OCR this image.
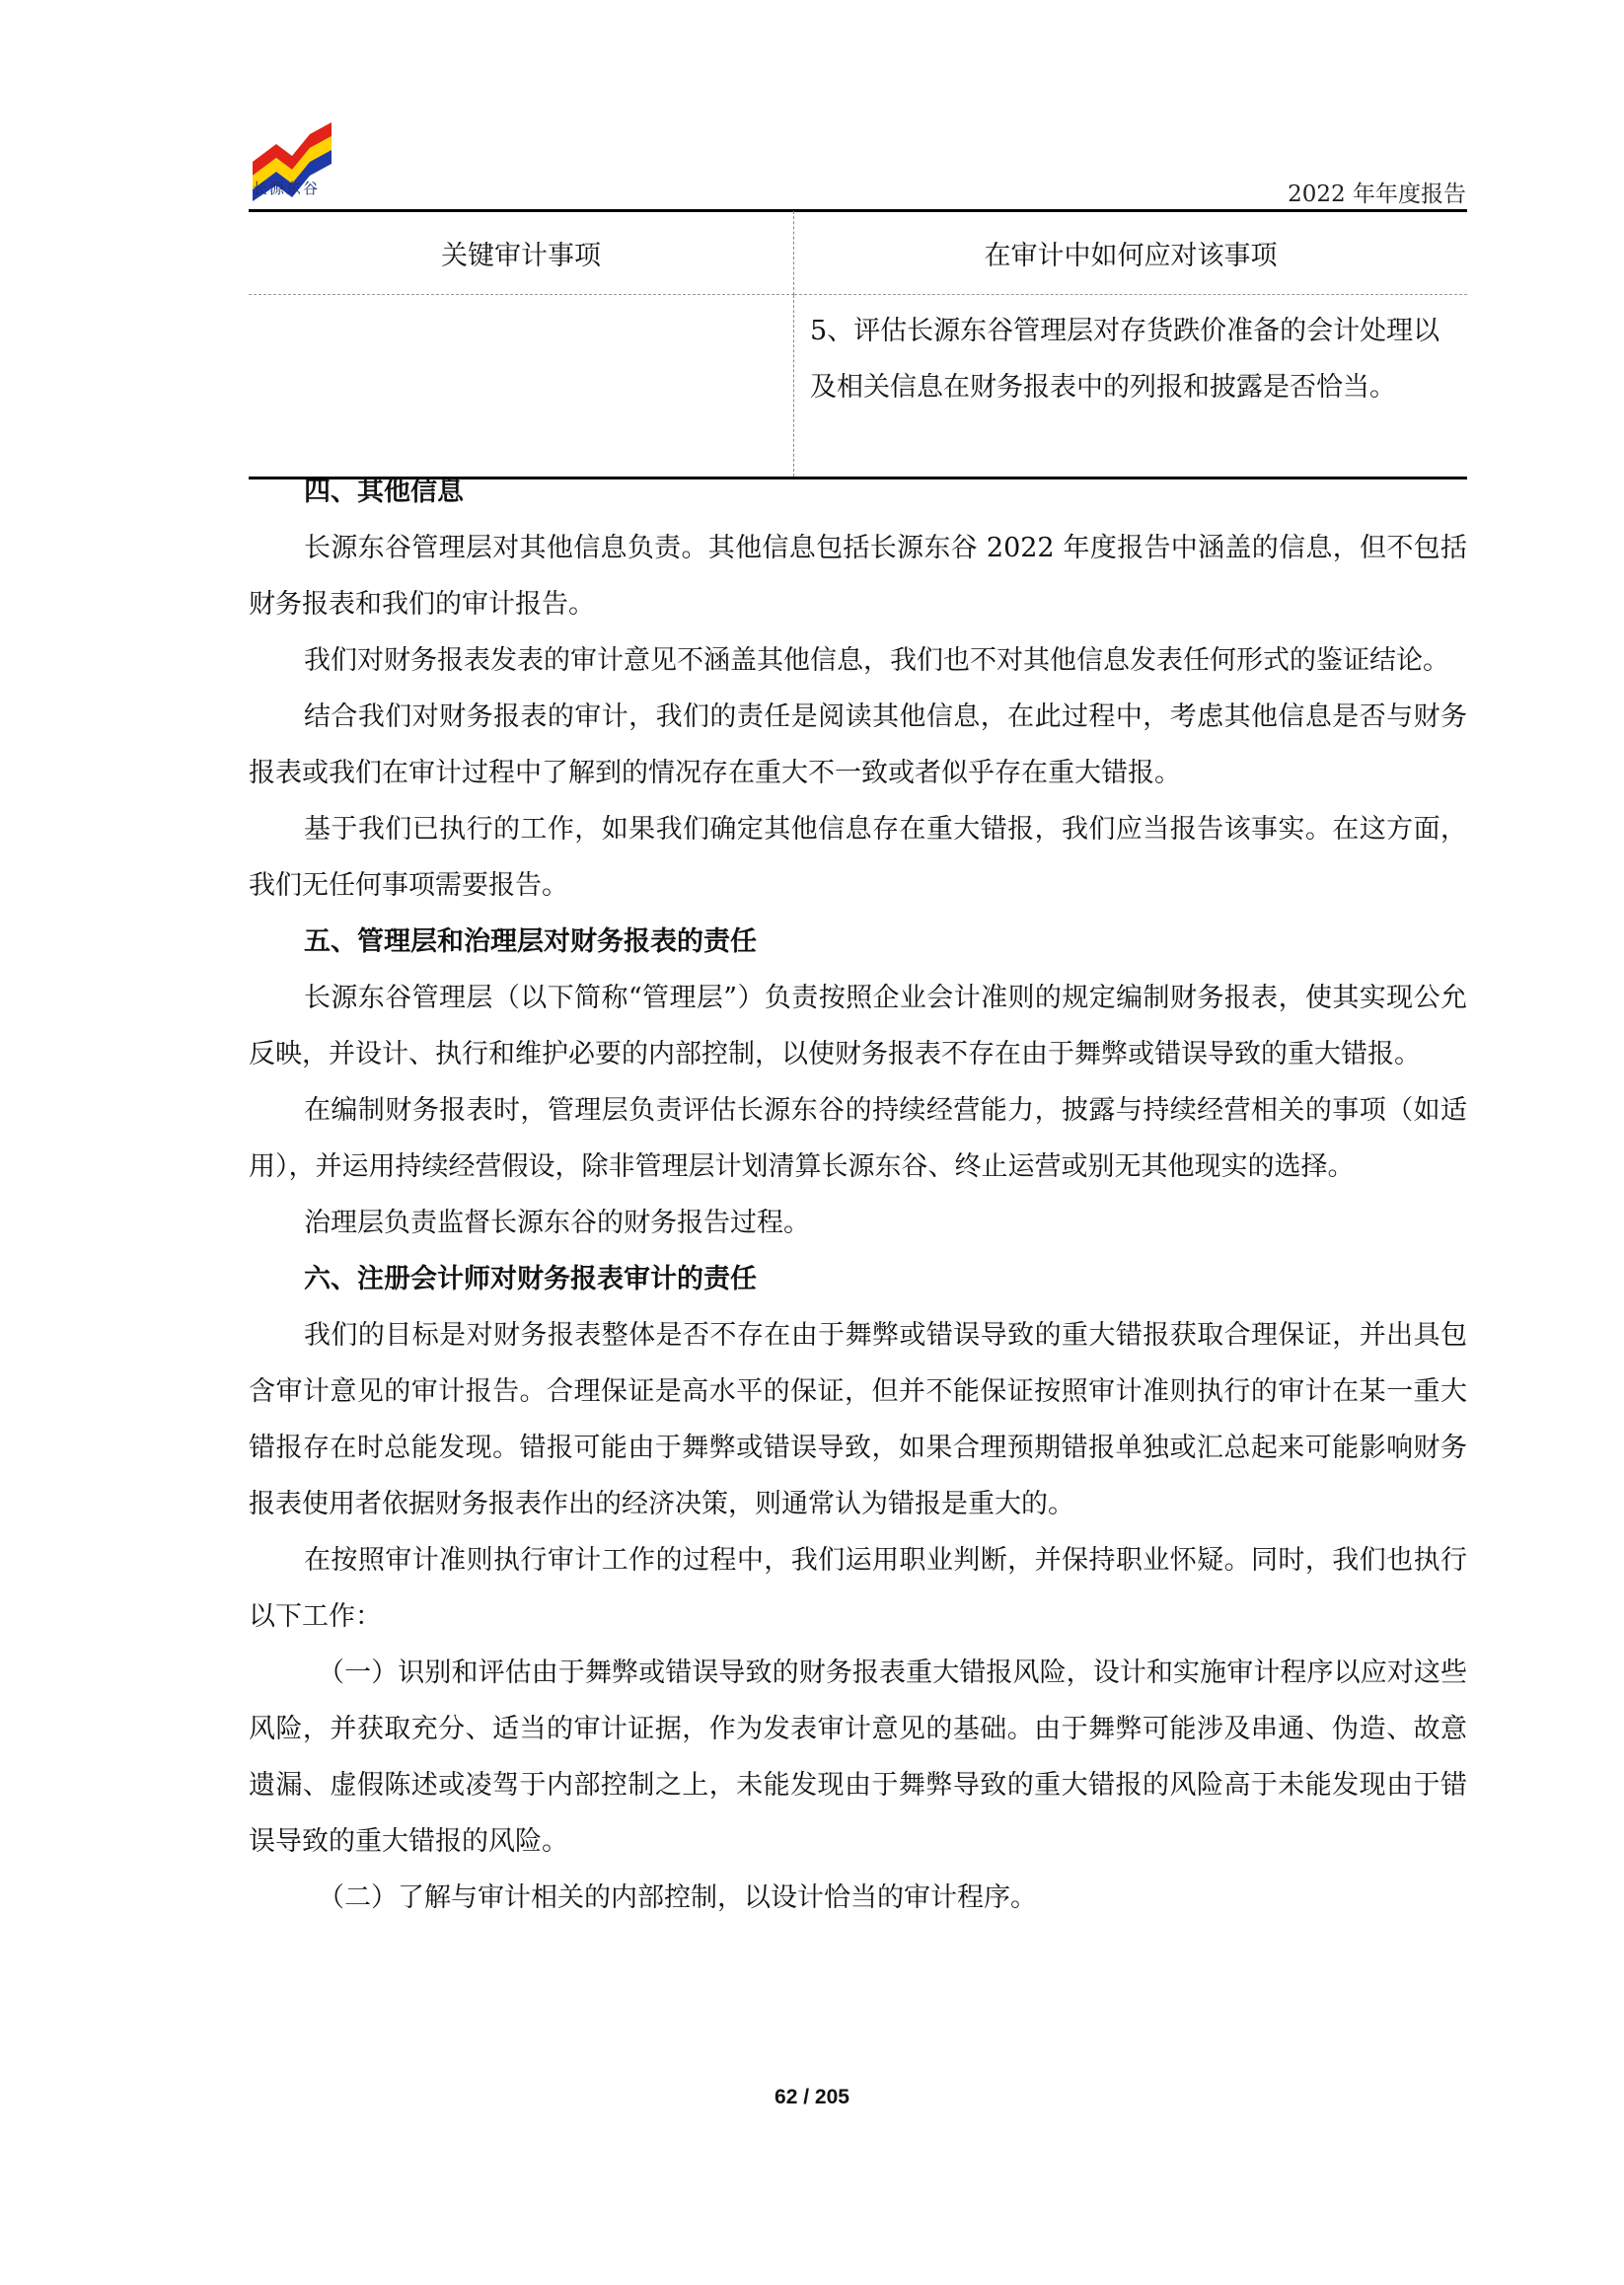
长源东谷	2022 年年度报告
关键审计事项	在审计中如何应对该事项
	5、评估长源东谷管理层对存货跌价准备的会计处理以及相关信息在财务报表中的列报和披露是否恰当。

四、其他信息

长源东谷管理层对其他信息负责。其他信息包括长源东谷 2022 年度报告中涵盖的信息，但不包括财务报表和我们的审计报告。

我们对财务报表发表的审计意见不涵盖其他信息，我们也不对其他信息发表任何形式的鉴证结论。

结合我们对财务报表的审计，我们的责任是阅读其他信息，在此过程中，考虑其他信息是否与财务报表或我们在审计过程中了解到的情况存在重大不一致或者似乎存在重大错报。

基于我们已执行的工作，如果我们确定其他信息存在重大错报，我们应当报告该事实。在这方面，我们无任何事项需要报告。

五、管理层和治理层对财务报表的责任

长源东谷管理层（以下简称“管理层”）负责按照企业会计准则的规定编制财务报表，使其实现公允反映，并设计、执行和维护必要的内部控制，以使财务报表不存在由于舞弊或错误导致的重大错报。

在编制财务报表时，管理层负责评估长源东谷的持续经营能力，披露与持续经营相关的事项（如适用），并运用持续经营假设，除非管理层计划清算长源东谷、终止运营或别无其他现实的选择。

治理层负责监督长源东谷的财务报告过程。

六、注册会计师对财务报表审计的责任

我们的目标是对财务报表整体是否不存在由于舞弊或错误导致的重大错报获取合理保证，并出具包含审计意见的审计报告。合理保证是高水平的保证，但并不能保证按照审计准则执行的审计在某一重大错报存在时总能发现。错报可能由于舞弊或错误导致，如果合理预期错报单独或汇总起来可能影响财务报表使用者依据财务报表作出的经济决策，则通常认为错报是重大的。

在按照审计准则执行审计工作的过程中，我们运用职业判断，并保持职业怀疑。同时，我们也执行以下工作：

（一）识别和评估由于舞弊或错误导致的财务报表重大错报风险，设计和实施审计程序以应对这些风险，并获取充分、适当的审计证据，作为发表审计意见的基础。由于舞弊可能涉及串通、伪造、故意遗漏、虚假陈述或凌驾于内部控制之上，未能发现由于舞弊导致的重大错报的风险高于未能发现由于错误导致的重大错报的风险。

（二）了解与审计相关的内部控制，以设计恰当的审计程序。

62 / 205
